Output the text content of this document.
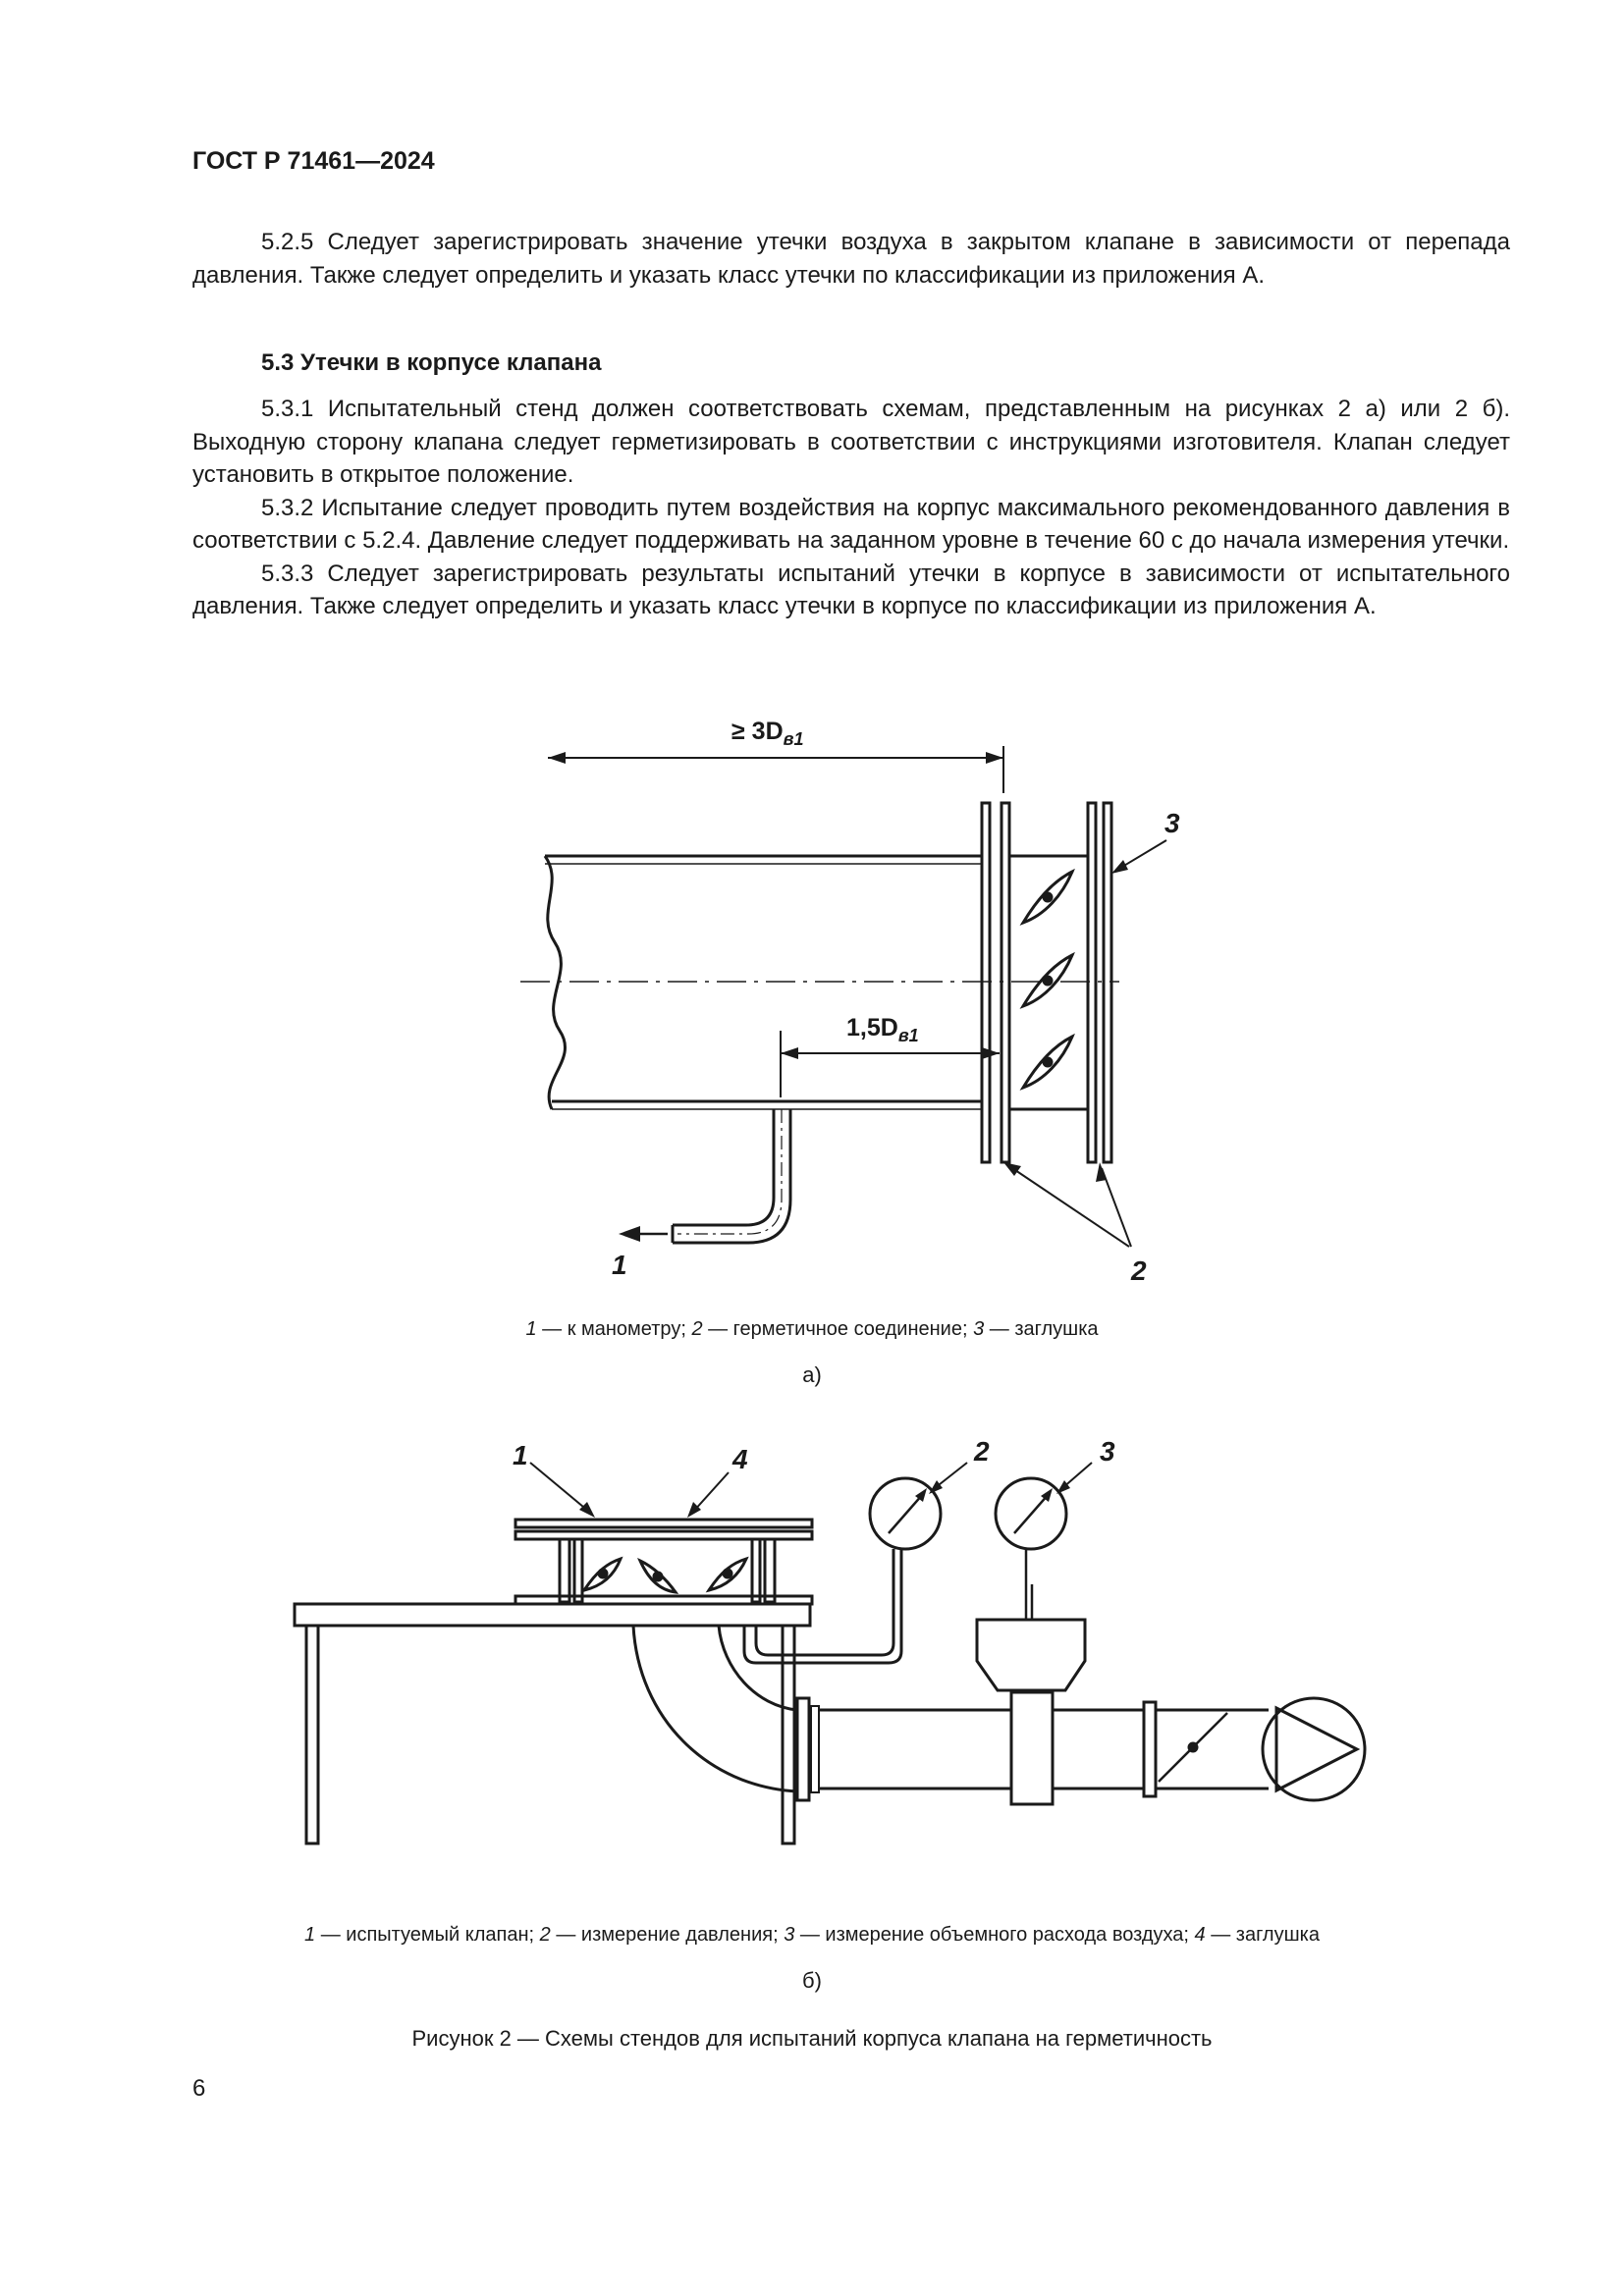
ГОСТ Р 71461—2024

5.2.5 Следует зарегистрировать значение утечки воздуха в закрытом клапане в зависимости от перепада давления. Также следует определить и указать класс утечки по классификации из приложения А.

5.3 Утечки в корпусе клапана

5.3.1 Испытательный стенд должен соответствовать схемам, представленным на рисунках 2 а) или 2 б). Выходную сторону клапана следует герметизировать в соответствии с инструкциями изготовителя. Клапан следует установить в открытое положение.

5.3.2 Испытание следует проводить путем воздействия на корпус максимального рекомендованного давления в соответствии с 5.2.4. Давление следует поддерживать на заданном уровне в течение 60 с до начала измерения утечки.

5.3.3 Следует зарегистрировать результаты испытаний утечки в корпусе в зависимости от испытательного давления. Также следует определить и указать класс утечки в корпусе по классификации из приложения А.

≥ $3D_{в1}$
$1,5D_{в1}$
1	2
3
1 — к манометру; 2 — герметичное соединение; 3 — заглушка
а)
1	4	2	3
1 — испытуемый клапан; 2 — измерение давления; 3 — измерение объемного расхода воздуха; 4 — заглушка
б)
Рисунок 2 — Схемы стендов для испытаний корпуса клапана на герметичность
6
